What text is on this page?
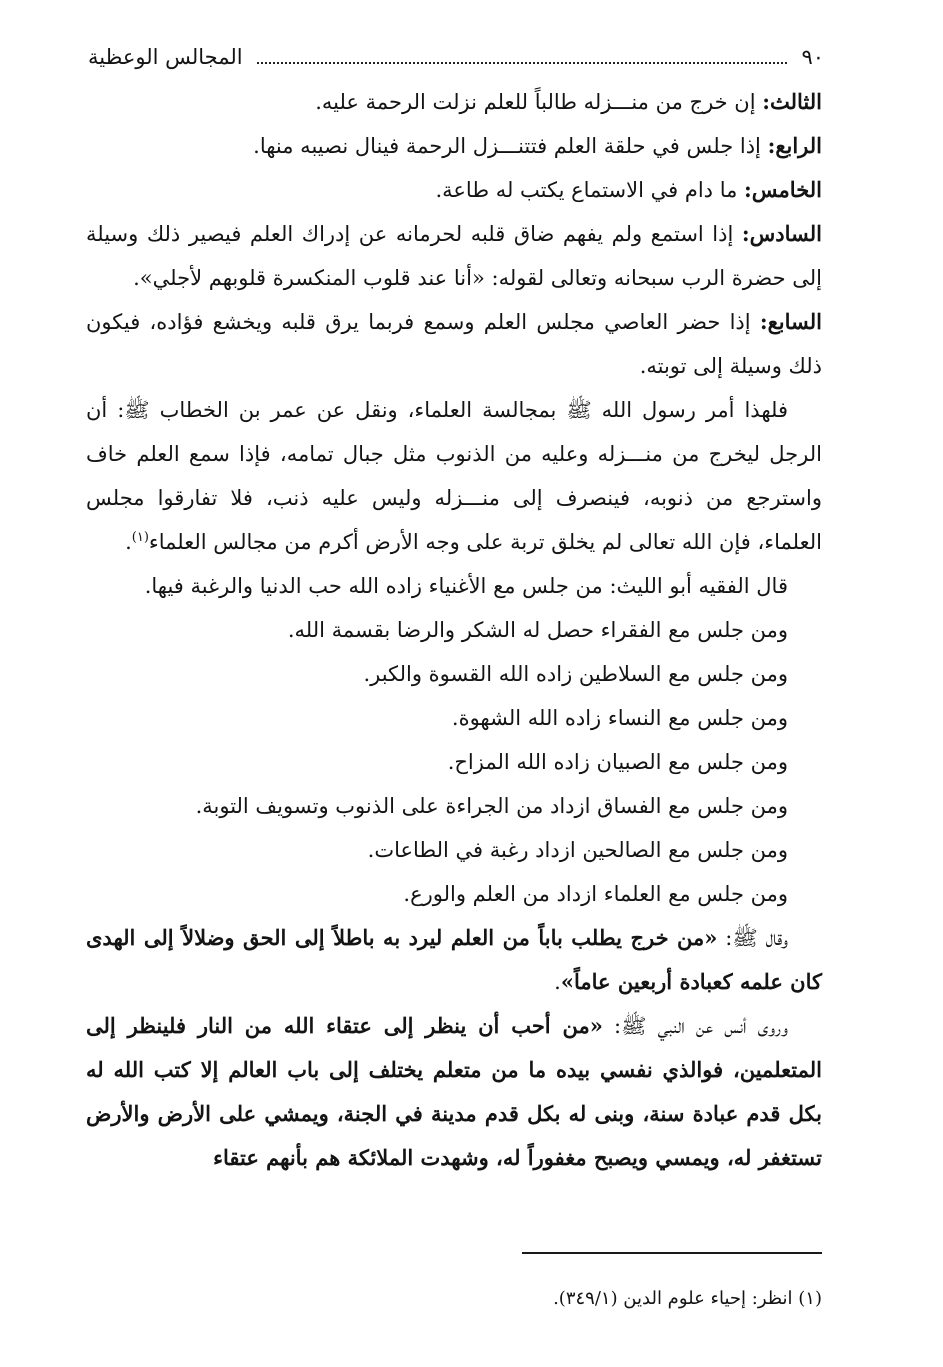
٩٠
المجالس الوعظية

الثالث: إن خرج من منـــزله طالباً للعلم نزلت الرحمة عليه.

الرابع: إذا جلس في حلقة العلم فتتنـــزل الرحمة فينال نصيبه منها.

الخامس: ما دام في الاستماع يكتب له طاعة.

السادس: إذا استمع ولم يفهم ضاق قلبه لحرمانه عن إدراك العلم فيصير ذلك وسيلة إلى حضرة الرب سبحانه وتعالى لقوله: «أنا عند قلوب المنكسرة قلوبهم لأجلي».

السابع: إذا حضر العاصي مجلس العلم وسمع فربما يرق قلبه ويخشع فؤاده، فيكون ذلك وسيلة إلى توبته.

فلهذا أمر رسول الله ﷺ بمجالسة العلماء، ونقل عن عمر بن الخطاب ﷺ: أن الرجل ليخرج من منـــزله وعليه من الذنوب مثل جبال تمامه، فإذا سمع العلم خاف واسترجع من ذنوبه، فينصرف إلى منـــزله وليس عليه ذنب، فلا تفارقوا مجلس العلماء، فإن الله تعالى لم يخلق تربة على وجه الأرض أكرم من مجالس العلماء$^{(١)}$.

قال الفقيه أبو الليث: من جلس مع الأغنياء زاده الله حب الدنيا والرغبة فيها.

ومن جلس مع الفقراء حصل له الشكر والرضا بقسمة الله.

ومن جلس مع السلاطين زاده الله القسوة والكبر.

ومن جلس مع النساء زاده الله الشهوة.

ومن جلس مع الصبيان زاده الله المزاح.

ومن جلس مع الفساق ازداد من الجراءة على الذنوب وتسويف التوبة.

ومن جلس مع الصالحين ازداد رغبة في الطاعات.

ومن جلس مع العلماء ازداد من العلم والورع.

وقال ﷺ: «من خرج يطلب باباً من العلم ليرد به باطلاً إلى الحق وضلالاً إلى الهدى كان علمه كعبادة أربعين عاماً».

وروى أنس عن النبي ﷺ: «من أحب أن ينظر إلى عتقاء الله من النار فلينظر إلى المتعلمين، فوالذي نفسي بيده ما من متعلم يختلف إلى باب العالم إلا كتب الله له بكل قدم عبادة سنة، وبنى له بكل قدم مدينة في الجنة، ويمشي على الأرض والأرض تستغفر له، ويمسي ويصبح مغفوراً له، وشهدت الملائكة هم بأنهم عتقاء

(١) انظر: إحياء علوم الدين (٣٤٩/١).
